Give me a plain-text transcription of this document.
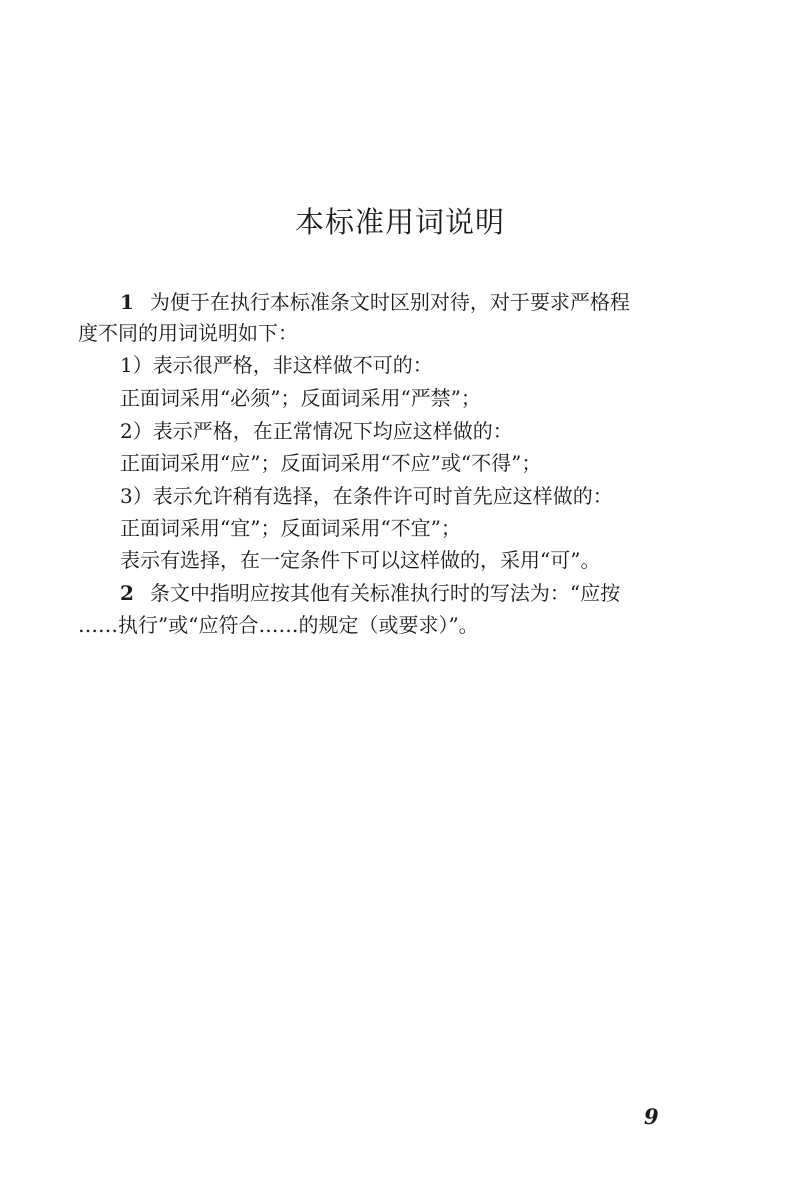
本标准用词说明
1 为便于在执行本标准条文时区别对待，对于要求严格程
度不同的用词说明如下：
1）表示很严格，非这样做不可的：
正面词采用“必须”；反面词采用“严禁”；
2）表示严格，在正常情况下均应这样做的：
正面词采用“应”；反面词采用“不应”或“不得”；
3）表示允许稍有选择，在条件许可时首先应这样做的：
正面词采用“宜”；反面词采用“不宜”；
表示有选择，在一定条件下可以这样做的，采用“可”。
2 条文中指明应按其他有关标准执行时的写法为：“应按
……执行”或“应符合……的规定（或要求）”。
9
